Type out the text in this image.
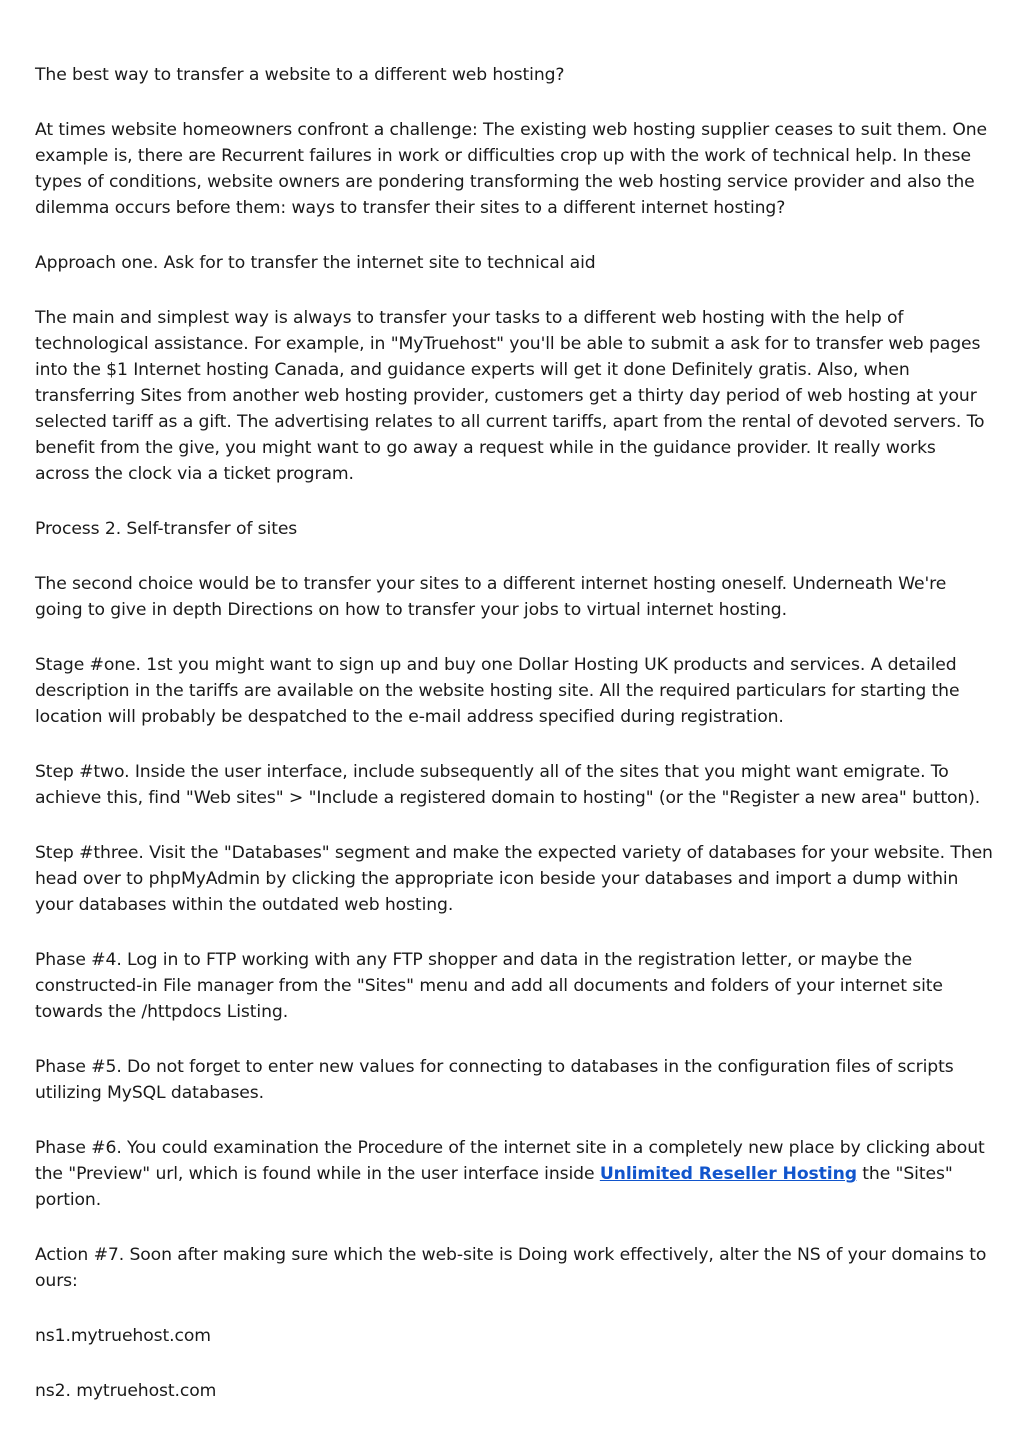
The best way to transfer a website to a different web hosting?

At times website homeowners confront a challenge: The existing web hosting supplier ceases to suit them. One example is, there are Recurrent failures in work or difficulties crop up with the work of technical help. In these types of conditions, website owners are pondering transforming the web hosting service provider and also the dilemma occurs before them: ways to transfer their sites to a different internet hosting?

Approach one. Ask for to transfer the internet site to technical aid

The main and simplest way is always to transfer your tasks to a different web hosting with the help of technological assistance. For example, in "MyTruehost" you'll be able to submit a ask for to transfer web pages into the $1 Internet hosting Canada, and guidance experts will get it done Definitely gratis. Also, when transferring Sites from another web hosting provider, customers get a thirty day period of web hosting at your selected tariff as a gift. The advertising relates to all current tariffs, apart from the rental of devoted servers. To benefit from the give, you might want to go away a request while in the guidance provider. It really works across the clock via a ticket program.

Process 2. Self-transfer of sites

The second choice would be to transfer your sites to a different internet hosting oneself. Underneath We're going to give in depth Directions on how to transfer your jobs to virtual internet hosting.

Stage #one. 1st you might want to sign up and buy one Dollar Hosting UK products and services. A detailed description in the tariffs are available on the website hosting site. All the required particulars for starting the location will probably be despatched to the e-mail address specified during registration.

Step #two. Inside the user interface, include subsequently all of the sites that you might want emigrate. To achieve this, find "Web sites" > "Include a registered domain to hosting" (or the "Register a new area" button).

Step #three. Visit the "Databases" segment and make the expected variety of databases for your website. Then head over to phpMyAdmin by clicking the appropriate icon beside your databases and import a dump within your databases within the outdated web hosting.

Phase #4. Log in to FTP working with any FTP shopper and data in the registration letter, or maybe the constructed-in File manager from the "Sites" menu and add all documents and folders of your internet site towards the /httpdocs Listing.

Phase #5. Do not forget to enter new values for connecting to databases in the configuration files of scripts utilizing MySQL databases.

Phase #6. You could examination the Procedure of the internet site in a completely new place by clicking about the "Preview" url, which is found while in the user interface inside Unlimited Reseller Hosting the "Sites" portion.

Action #7. Soon after making sure which the web-site is Doing work effectively, alter the NS of your domains to ours:

ns1.mytruehost.com

ns2. mytruehost.com
